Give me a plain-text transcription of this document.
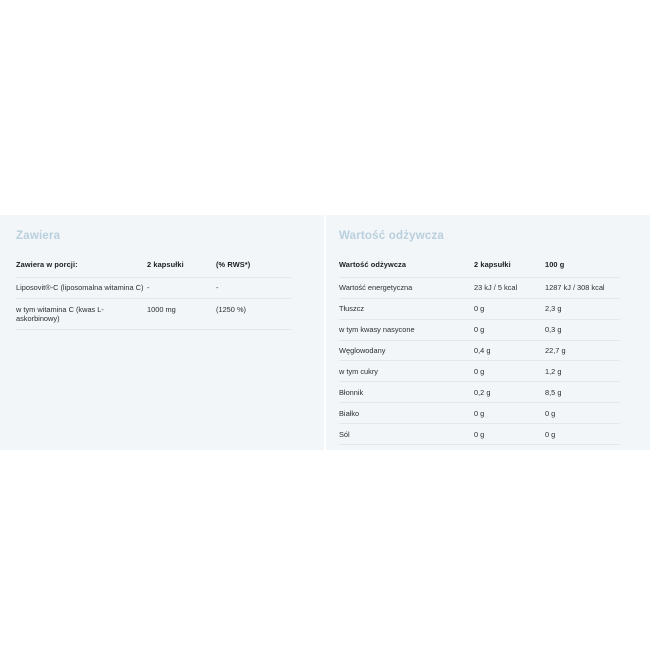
Zawiera
Zawiera w porcji:	2 kapsułki	(% RWS*)
Liposovit®-C (liposomalna witamina C)	-	-
w tym witamina C (kwas L-askorbinowy)	1000 mg	(1250 %)
Wartość odżywcza
Wartość odżywcza	2 kapsułki	100 g
Wartość energetyczna	23 kJ / 5 kcal	1287 kJ / 308 kcal
Tłuszcz	0 g	2,3 g
w tym kwasy nasycone	0 g	0,3 g
Węglowodany	0,4 g	22,7 g
w tym cukry	0 g	1,2 g
Błonnik	0,2 g	8,5 g
Białko	0 g	0 g
Sól	0 g	0 g
